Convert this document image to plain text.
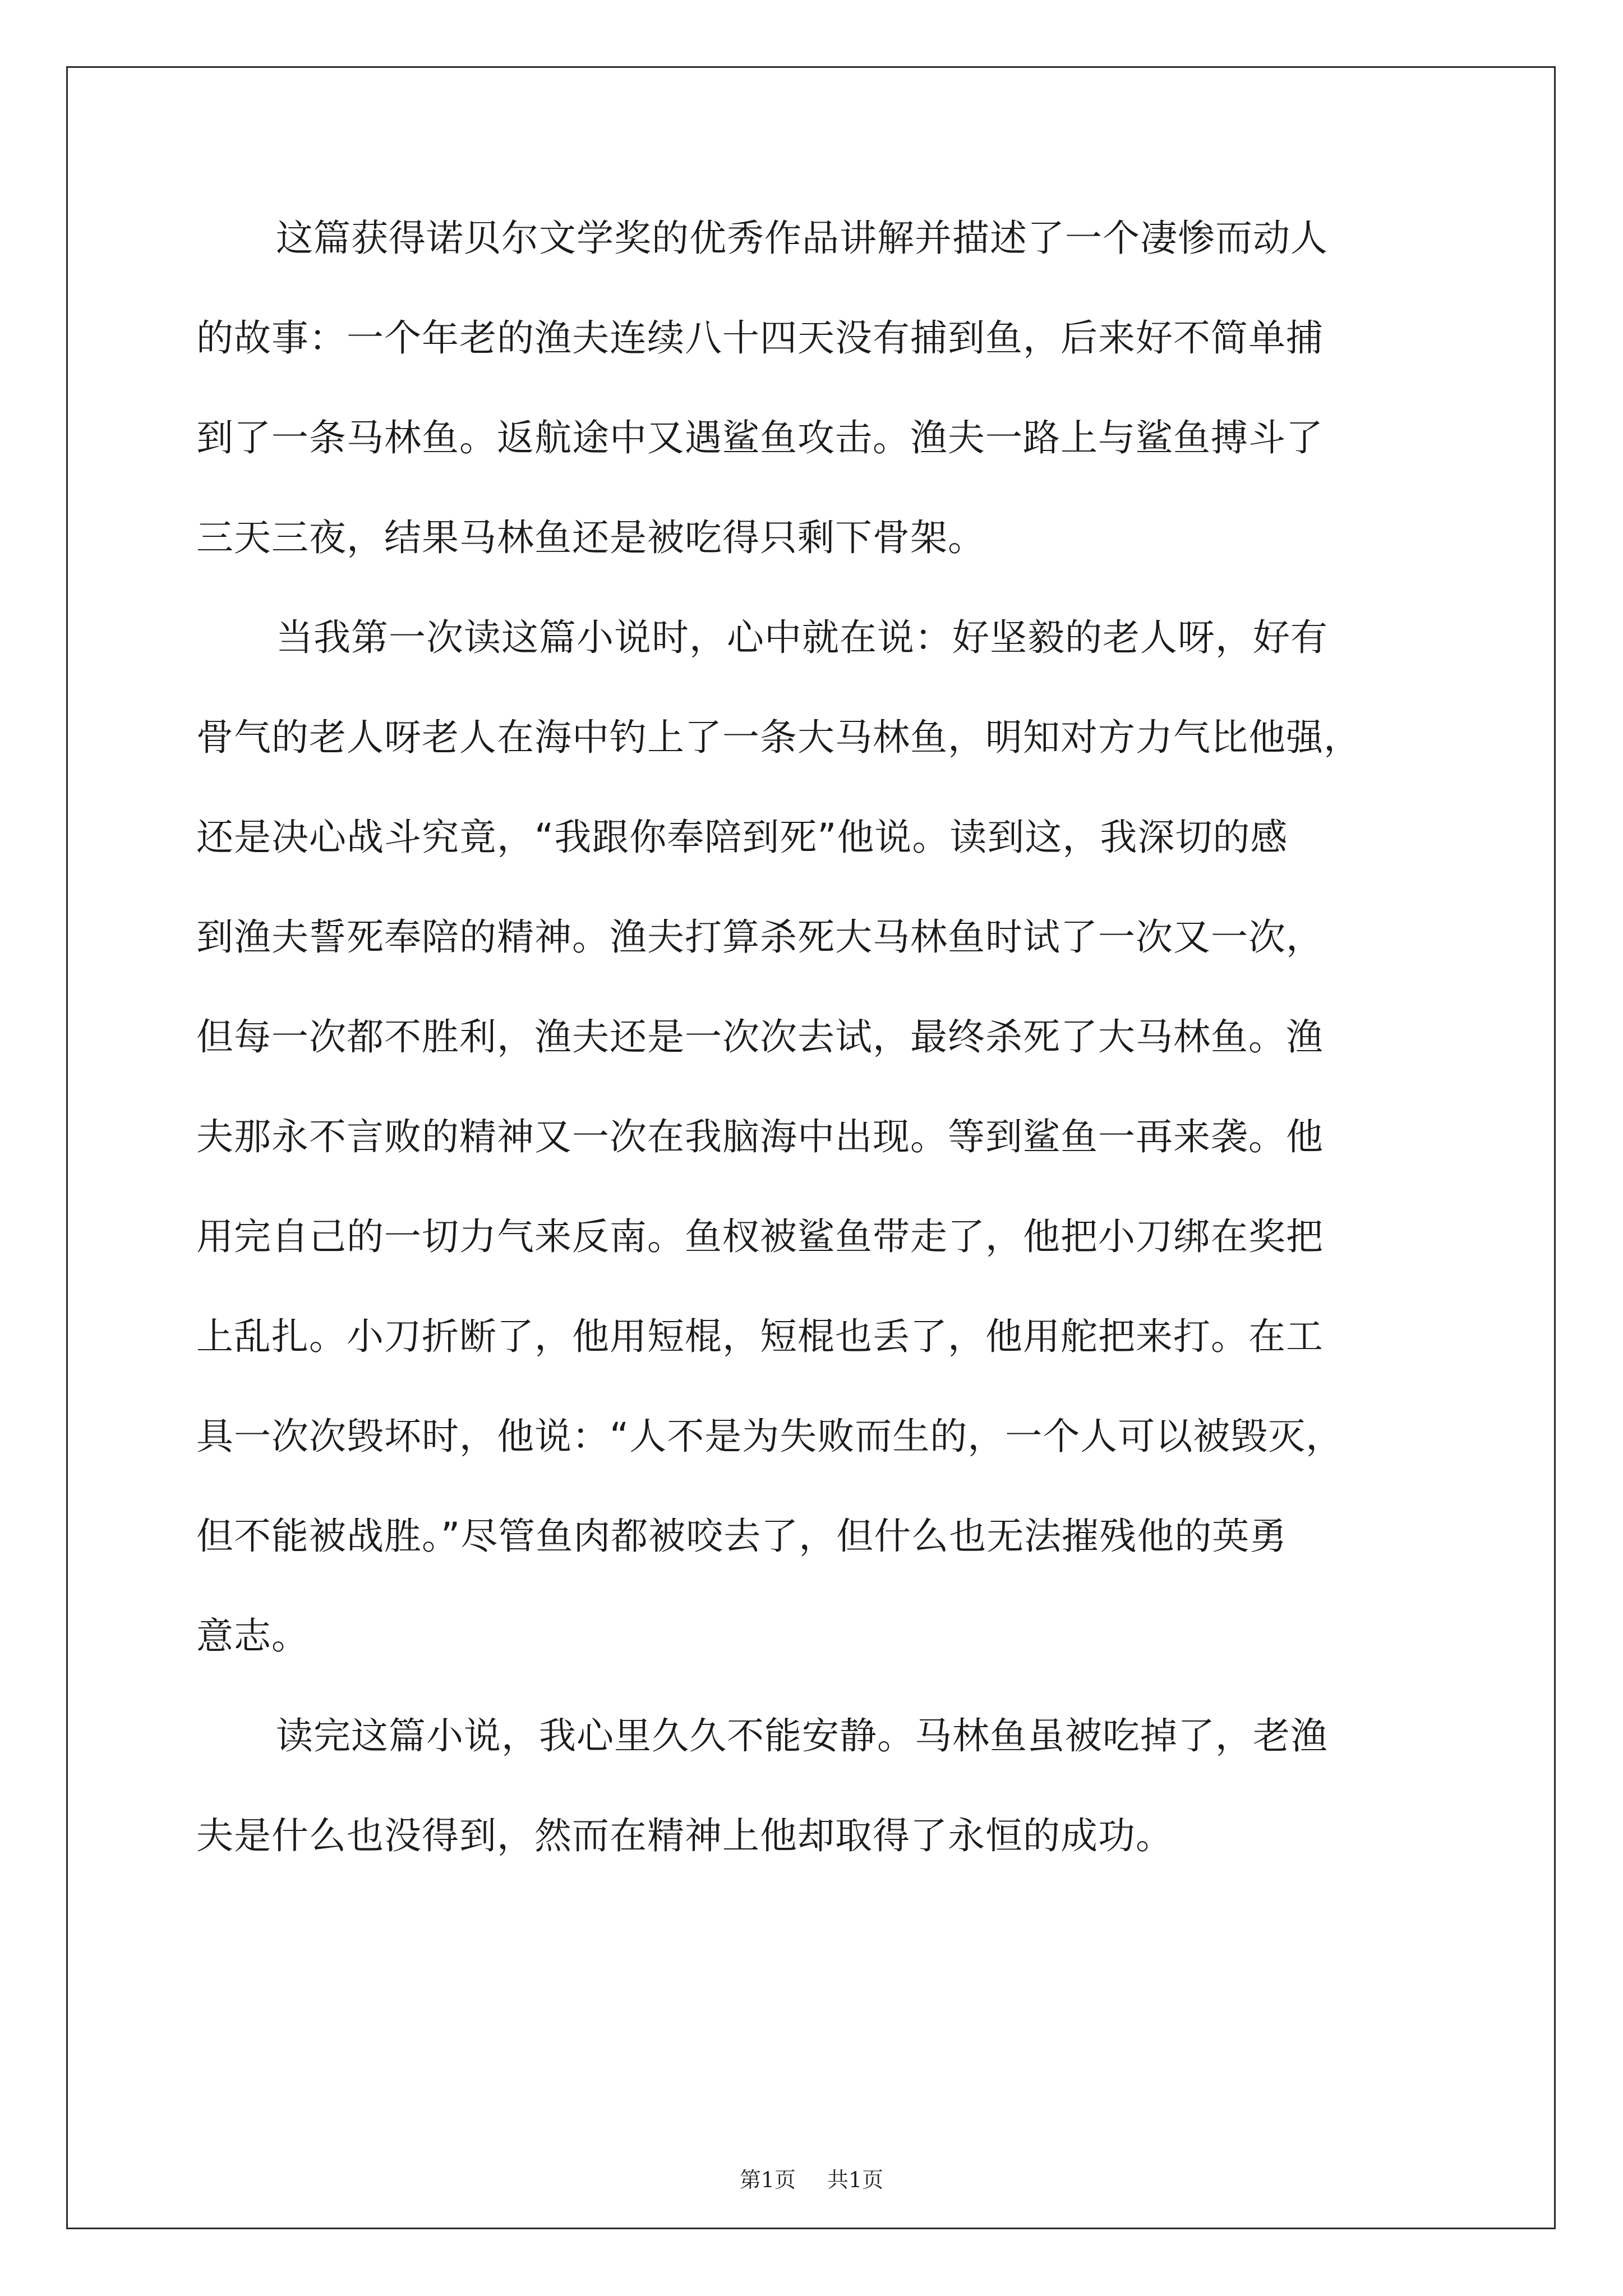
这篇获得诺贝尔文学奖的优秀作品讲解并描述了一个凄惨而动人
的故事：一个年老的渔夫连续八十四天没有捕到鱼，后来好不简单捕
到了一条马林鱼。返航途中又遇鲨鱼攻击。渔夫一路上与鲨鱼搏斗了
三天三夜，结果马林鱼还是被吃得只剩下骨架。
当我第一次读这篇小说时，心中就在说：好坚毅的老人呀，好有
骨气的老人呀老人在海中钓上了一条大马林鱼，明知对方力气比他强，
还是决心战斗究竟，“我跟你奉陪到死”他说。读到这，我深切的感
到渔夫誓死奉陪的精神。渔夫打算杀死大马林鱼时试了一次又一次，
但每一次都不胜利，渔夫还是一次次去试，最终杀死了大马林鱼。渔
夫那永不言败的精神又一次在我脑海中出现。等到鲨鱼一再来袭。他
用完自己的一切力气来反南。鱼杈被鲨鱼带走了，他把小刀绑在奖把
上乱扎。小刀折断了，他用短棍，短棍也丢了，他用舵把来打。在工
具一次次毁坏时，他说：“人不是为失败而生的，一个人可以被毁灭，
但不能被战胜。”尽管鱼肉都被咬去了，但什么也无法摧残他的英勇
意志。
读完这篇小说，我心里久久不能安静。马林鱼虽被吃掉了，老渔
夫是什么也没得到，然而在精神上他却取得了永恒的成功。
第1页 共1页
